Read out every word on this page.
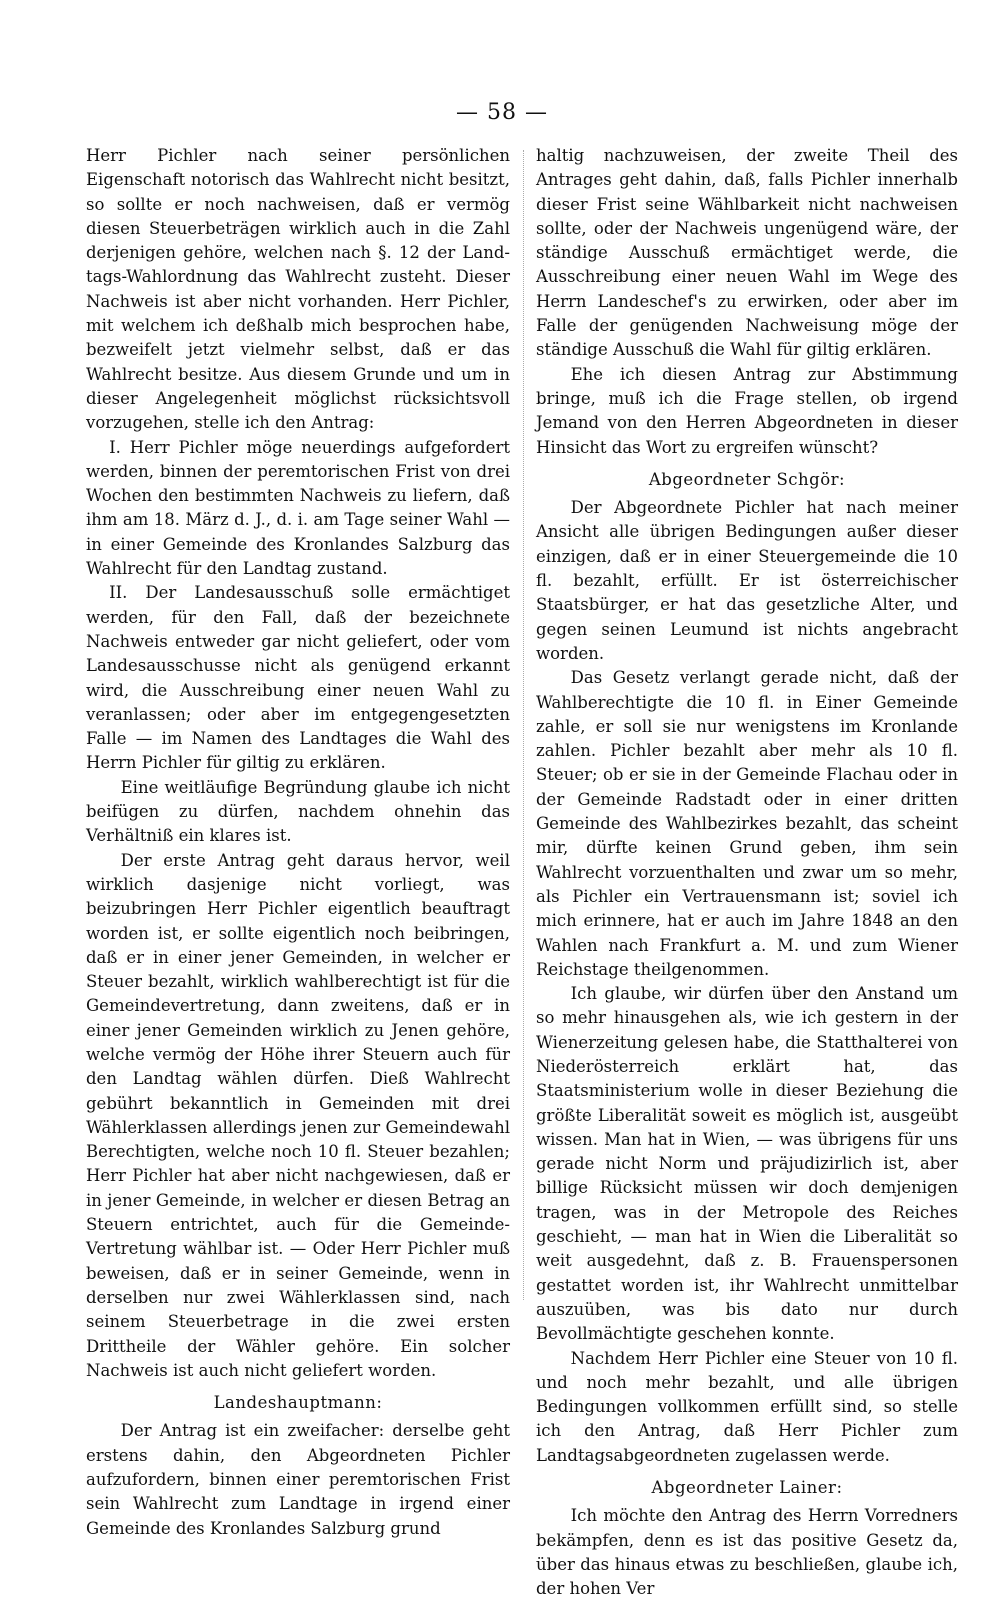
— 58 —

Herr Pichler nach seiner persönlichen Eigenschaft notorisch das Wahlrecht nicht besitzt, so sollte er noch nachweisen, daß er vermög diesen Steuerbeträgen wirklich auch in die Zahl derjenigen gehöre, welchen nach §. 12 der Landtags-Wahlordnung das Wahlrecht zusteht. Dieser Nachweis ist aber nicht vorhanden. Herr Pichler, mit welchem ich deßhalb mich besprochen habe, bezweifelt jetzt vielmehr selbst, daß er das Wahlrecht besitze. Aus diesem Grunde und um in dieser Angelegenheit möglichst rücksichtsvoll vorzugehen, stelle ich den Antrag:

I. Herr Pichler möge neuerdings aufgefordert werden, binnen der peremtorischen Frist von drei Wochen den bestimmten Nachweis zu liefern, daß ihm am 18. März d. J., d. i. am Tage seiner Wahl — in einer Gemeinde des Kronlandes Salzburg das Wahlrecht für den Landtag zustand.

II. Der Landesausschuß solle ermächtiget werden, für den Fall, daß der bezeichnete Nachweis entweder gar nicht geliefert, oder vom Landesausschusse nicht als genügend erkannt wird, die Ausschreibung einer neuen Wahl zu veranlassen; oder aber im entgegengesetzten Falle — im Namen des Landtages die Wahl des Herrn Pichler für giltig zu erklären.

Eine weitläufige Begründung glaube ich nicht beifügen zu dürfen, nachdem ohnehin das Verhältniß ein klares ist.

Der erste Antrag geht daraus hervor, weil wirklich dasjenige nicht vorliegt, was beizubringen Herr Pichler eigentlich beauftragt worden ist, er sollte eigentlich noch beibringen, daß er in einer jener Gemeinden, in welcher er Steuer bezahlt, wirklich wahlberechtigt ist für die Gemeindevertretung, dann zweitens, daß er in einer jener Gemeinden wirklich zu Jenen gehöre, welche vermög der Höhe ihrer Steuern auch für den Landtag wählen dürfen. Dieß Wahlrecht gebührt bekanntlich in Gemeinden mit drei Wählerklassen allerdings jenen zur Gemeindewahl Berechtigten, welche noch 10 fl. Steuer bezahlen; Herr Pichler hat aber nicht nachgewiesen, daß er in jener Gemeinde, in welcher er diesen Betrag an Steuern entrichtet, auch für die Gemeinde-Vertretung wählbar ist. — Oder Herr Pichler muß beweisen, daß er in seiner Gemeinde, wenn in derselben nur zwei Wählerklassen sind, nach seinem Steuerbetrage in die zwei ersten Drittheile der Wähler gehöre. Ein solcher Nachweis ist auch nicht geliefert worden.

Landeshauptmann:

Der Antrag ist ein zweifacher: derselbe geht erstens dahin, den Abgeordneten Pichler aufzufordern, binnen einer peremtorischen Frist sein Wahlrecht zum Landtage in irgend einer Gemeinde des Kronlandes Salzburg grund

haltig nachzuweisen, der zweite Theil des Antrages geht dahin, daß, falls Pichler innerhalb dieser Frist seine Wählbarkeit nicht nachweisen sollte, oder der Nachweis ungenügend wäre, der ständige Ausschuß ermächtiget werde, die Ausschreibung einer neuen Wahl im Wege des Herrn Landeschef's zu erwirken, oder aber im Falle der genügenden Nachweisung möge der ständige Ausschuß die Wahl für giltig erklären.

Ehe ich diesen Antrag zur Abstimmung bringe, muß ich die Frage stellen, ob irgend Jemand von den Herren Abgeordneten in dieser Hinsicht das Wort zu ergreifen wünscht?

Abgeordneter Schgör:

Der Abgeordnete Pichler hat nach meiner Ansicht alle übrigen Bedingungen außer dieser einzigen, daß er in einer Steuergemeinde die 10 fl. bezahlt, erfüllt. Er ist österreichischer Staatsbürger, er hat das gesetzliche Alter, und gegen seinen Leumund ist nichts angebracht worden.

Das Gesetz verlangt gerade nicht, daß der Wahlberechtigte die 10 fl. in Einer Gemeinde zahle, er soll sie nur wenigstens im Kronlande zahlen. Pichler bezahlt aber mehr als 10 fl. Steuer; ob er sie in der Gemeinde Flachau oder in der Gemeinde Radstadt oder in einer dritten Gemeinde des Wahlbezirkes bezahlt, das scheint mir, dürfte keinen Grund geben, ihm sein Wahlrecht vorzuenthalten und zwar um so mehr, als Pichler ein Vertrauensmann ist; soviel ich mich erinnere, hat er auch im Jahre 1848 an den Wahlen nach Frankfurt a. M. und zum Wiener Reichstage theilgenommen.

Ich glaube, wir dürfen über den Anstand um so mehr hinausgehen als, wie ich gestern in der Wienerzeitung gelesen habe, die Statthalterei von Niederösterreich erklärt hat, das Staatsministerium wolle in dieser Beziehung die größte Liberalität soweit es möglich ist, ausgeübt wissen. Man hat in Wien, — was übrigens für uns gerade nicht Norm und präjudizirlich ist, aber billige Rücksicht müssen wir doch demjenigen tragen, was in der Metropole des Reiches geschieht, — man hat in Wien die Liberalität so weit ausgedehnt, daß z. B. Frauenspersonen gestattet worden ist, ihr Wahlrecht unmittelbar auszuüben, was bis dato nur durch Bevollmächtigte geschehen konnte.

Nachdem Herr Pichler eine Steuer von 10 fl. und noch mehr bezahlt, und alle übrigen Bedingungen vollkommen erfüllt sind, so stelle ich den Antrag, daß Herr Pichler zum Landtagsabgeordneten zugelassen werde.

Abgeordneter Lainer:

Ich möchte den Antrag des Herrn Vorredners bekämpfen, denn es ist das positive Gesetz da, über das hinaus etwas zu beschließen, glaube ich, der hohen Ver
